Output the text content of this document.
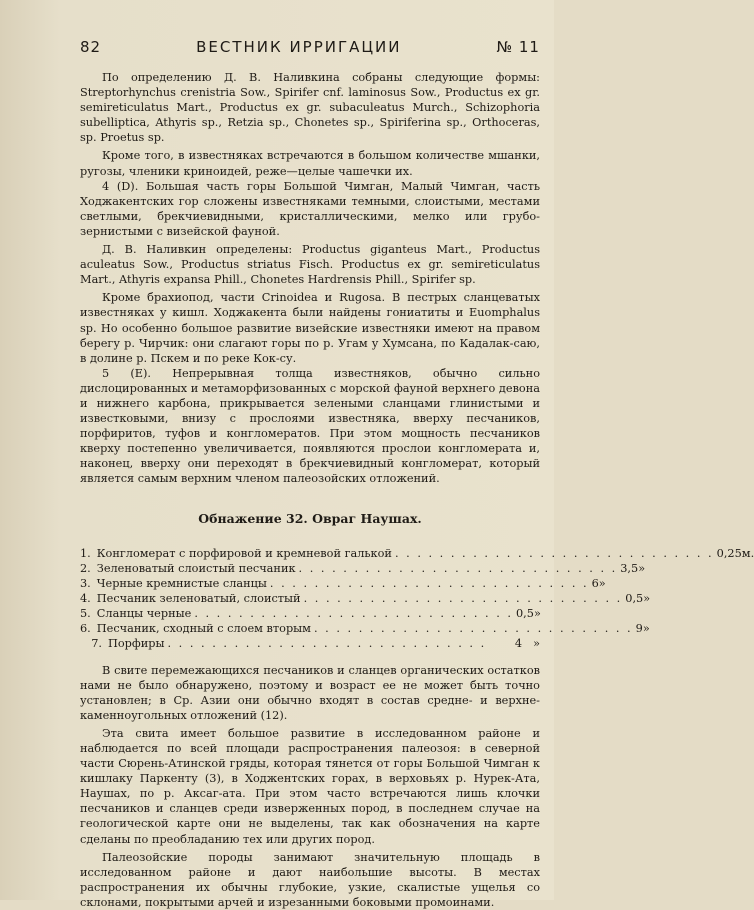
82	ВЕСТНИК ИРРИГАЦИИ	№ 11

По определению Д. В. Наливкина собраны следующие формы: Streptorhynchus crenistria Sow., Spirifer cnf. laminosus Sow., Productus ex gr. semireticulatus Mart., Productus ex gr. subaculeatus Murch., Schizophoria subelliptica, Athyris sp., Retzia sp., Chonetes sp., Spiriferina sp., Orthoceras, sp. Proetus sp.

Кроме того, в известняках встречаются в большом количестве мшанки, ругозы, членики криноидей, реже—целые чашечки их.

4 (D). Большая часть горы Большой Чимган, Малый Чимган, часть Ходжакентских гор сложены известняками темными, слоистыми, местами светлыми, брекчиевидными, кристаллическими, мелко или грубо-зернистыми с визейской фауной.

Д. В. Наливкин определены: Productus giganteus Mart., Productus aculeatus Sow., Productus striatus Fisch. Productus ex gr. semireticulatus Mart., Athyris expansa Phill., Chonetes Hardrensis Phill., Spirifer sp.

Кроме брахиопод, части Crinoidea и Rugosa. В пестрых сланцеватых известняках у кишл. Ходжакента были найдены гониатиты и Euomphalus sp. Но особенно большое развитие визейские известняки имеют на правом берегу р. Чирчик: они слагают горы по р. Угам у Хумсана, по Кадалак-саю, в долине р. Пскем и по реке Кок-су.

5 (E). Непрерывная толща известняков, обычно сильно дислоцированных и метаморфизованных с морской фауной верхнего девона и нижнего карбона, прикрывается зелеными сланцами глинистыми и известковыми, внизу с прослоями известняка, вверху песчаников, порфиритов, туфов и конгломератов. При этом мощность песчаников кверху постепенно увеличивается, появляются прослои конгломерата и, наконец, вверху они переходят в брекчиевидный конгломерат, который является самым верхним членом палеозойских отложений.

Обнажение 32. Овраг Наушах.
1. Конгломерат с порфировой и кремневой галькой . . . . . . . . . . . . . . . . . . . . . . . . . . . . . 0,25 м.
2. Зеленоватый слоистый песчаник . . . . . . . . . . . . . . . . . . . . . . . . . . . . . 3,5 »
3. Черные кремнистые сланцы . . . . . . . . . . . . . . . . . . . . . . . . . . . . . 6 »
4. Песчаник зеленоватый, слоистый . . . . . . . . . . . . . . . . . . . . . . . . . . . . . 0,5 »
5. Сланцы черные . . . . . . . . . . . . . . . . . . . . . . . . . . . . . 0,5 »
6. Песчаник, сходный с слоем вторым . . . . . . . . . . . . . . . . . . . . . . . . . . . . . 9 »
7. Порфиры . . . . . . . . . . . . . . . . . . . . . . . . . . . . .	4 »

В свите перемежающихся песчаников и сланцев органических остатков нами не было обнаружено, поэтому и возраст ее не может быть точно установлен; в Ср. Азии они обычно входят в состав средне- и верхне-каменноугольных отложений (12).

Эта свита имеет большое развитие в исследованном районе и наблюдается по всей площади распространения палеозоя: в северной части Сюрень-Атинской гряды, которая тянется от горы Большой Чимган к кишлаку Паркенту (3), в Ходжентских горах, в верховьях р. Нурек-Ата, Наушах, по р. Аксаг-ата. При этом часто встречаются лишь клочки песчаников и сланцев среди изверженных пород, в последнем случае на геологической карте они не выделены, так как обозначения на карте сделаны по преобладанию тех или других пород.

Палеозойские породы занимают значительную площадь в исследованном районе и дают наибольшие высоты. В местах распространения их обычны глубокие, узкие, скалистые ущелья со склонами, покрытыми арчей и изрезанными боковыми промоинами.
